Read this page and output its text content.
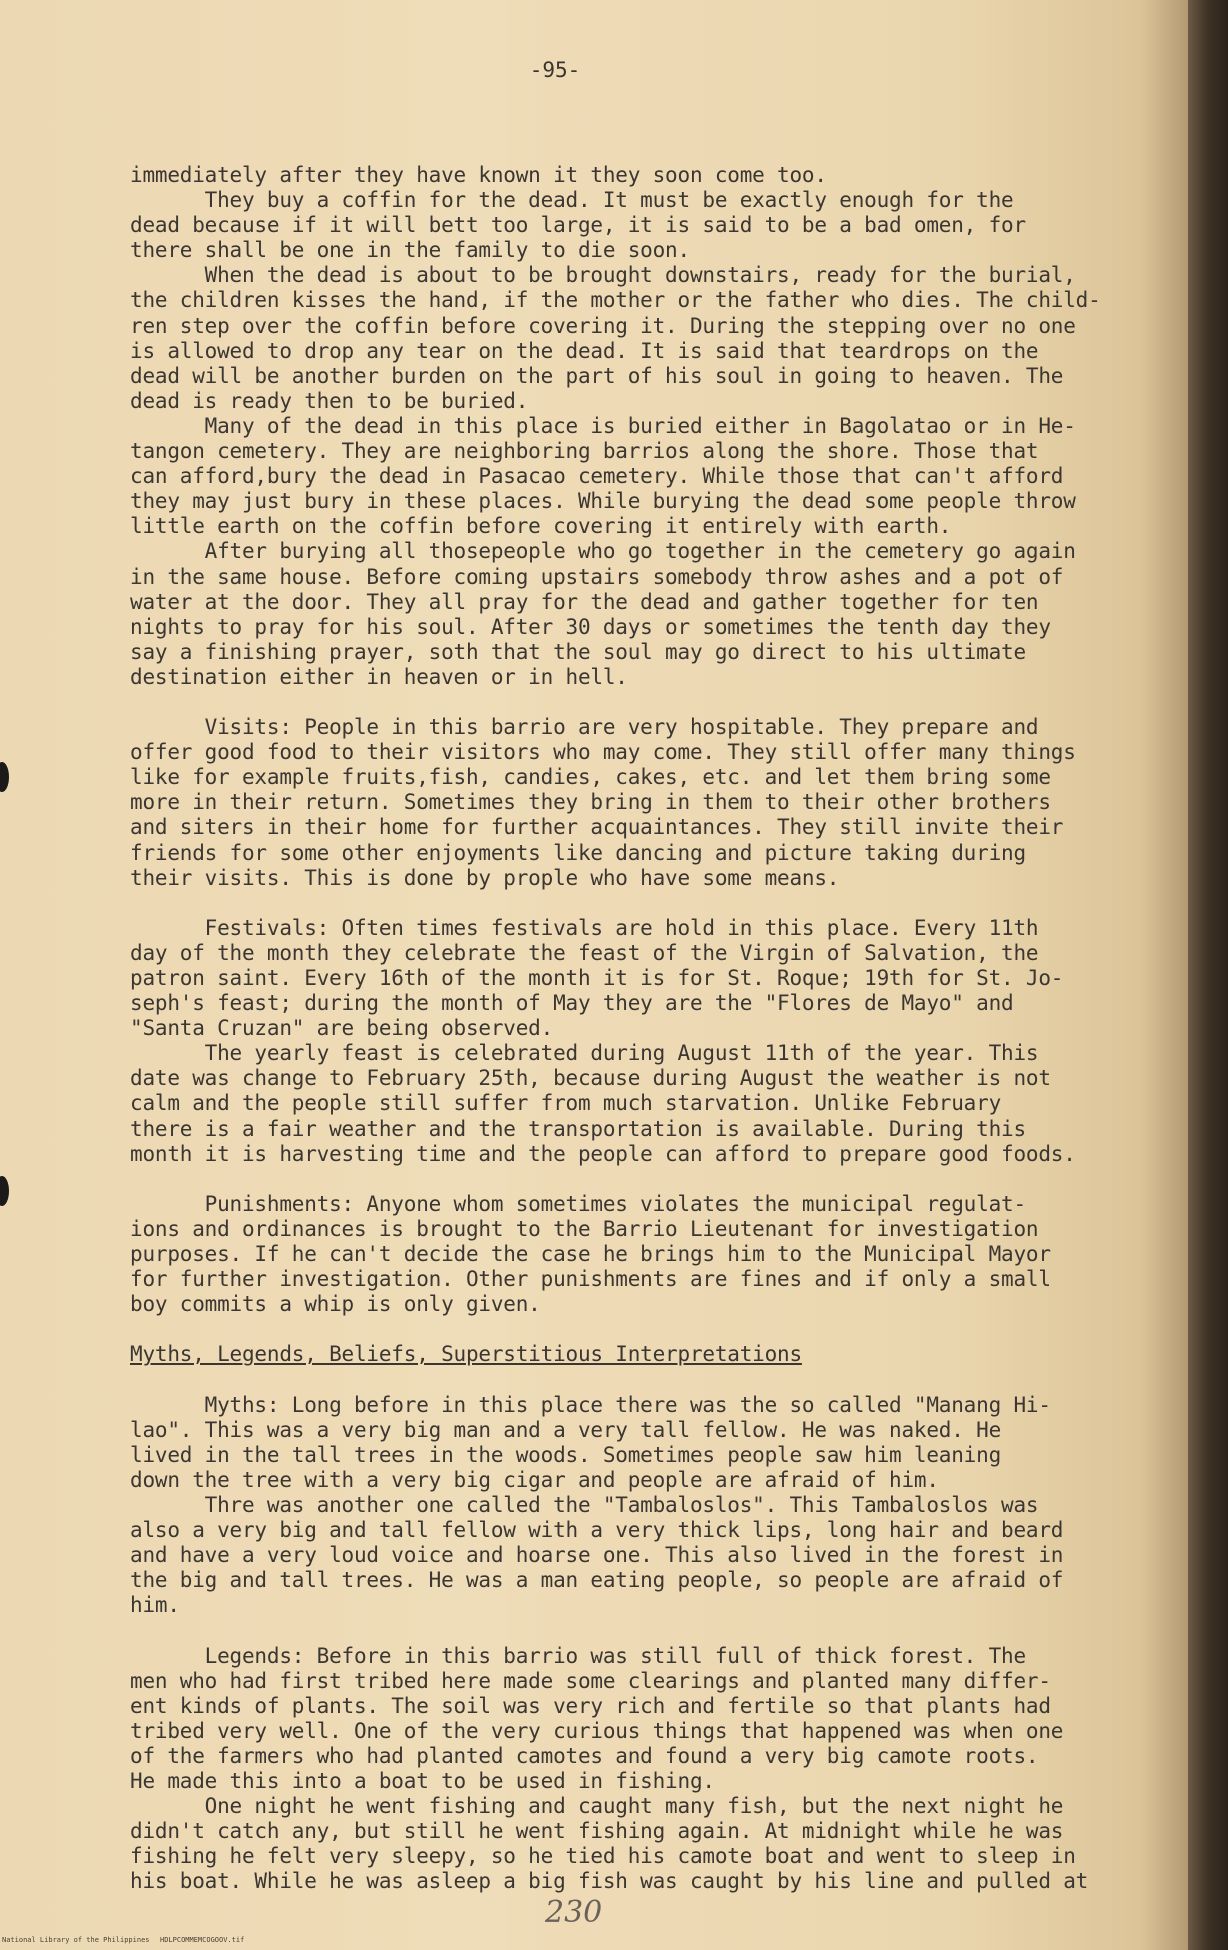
-95-
immediately after they have known it they soon come too.
They buy a coffin for the dead. It must be exactly enough for the
dead because if it will bett too large, it is said to be a bad omen, for
there shall be one in the family to die soon.
When the dead is about to be brought downstairs, ready for the burial,
the children kisses the hand, if the mother or the father who dies. The child-
ren step over the coffin before covering it. During the stepping over no one
is allowed to drop any tear on the dead. It is said that teardrops on the
dead will be another burden on the part of his soul in going to heaven. The
dead is ready then to be buried.
Many of the dead in this place is buried either in Bagolatao or in He-
tangon cemetery. They are neighboring barrios along the shore. Those that
can afford,bury the dead in Pasacao cemetery. While those that can't afford
they may just bury in these places. While burying the dead some people throw
little earth on the coffin before covering it entirely with earth.
After burying all thosepeople who go together in the cemetery go again
in the same house. Before coming upstairs somebody throw ashes and a pot of
water at the door. They all pray for the dead and gather together for ten
nights to pray for his soul. After 30 days or sometimes the tenth day they
say a finishing prayer, soth that the soul may go direct to his ultimate
destination either in heaven or in hell.
Visits: People in this barrio are very hospitable. They prepare and
offer good food to their visitors who may come. They still offer many things
like for example fruits,fish, candies, cakes, etc. and let them bring some
more in their return. Sometimes they bring in them to their other brothers
and siters in their home for further acquaintances. They still invite their
friends for some other enjoyments like dancing and picture taking during
their visits. This is done by prople who have some means.
Festivals: Often times festivals are hold in this place. Every 11th
day of the month they celebrate the feast of the Virgin of Salvation, the
patron saint. Every 16th of the month it is for St. Roque; 19th for St. Jo-
seph's feast; during the month of May they are the "Flores de Mayo" and
"Santa Cruzan" are being observed.
The yearly feast is celebrated during August 11th of the year. This
date was change to February 25th, because during August the weather is not
calm and the people still suffer from much starvation. Unlike February
there is a fair weather and the transportation is available. During this
month it is harvesting time and the people can afford to prepare good foods.
Punishments: Anyone whom sometimes violates the municipal regulat-
ions and ordinances is brought to the Barrio Lieutenant for investigation
purposes. If he can't decide the case he brings him to the Municipal Mayor
for further investigation. Other punishments are fines and if only a small
boy commits a whip is only given.
Myths, Legends, Beliefs, Superstitious Interpretations
Myths: Long before in this place there was the so called "Manang Hi-
lao". This was a very big man and a very tall fellow. He was naked. He
lived in the tall trees in the woods. Sometimes people saw him leaning
down the tree with a very big cigar and people are afraid of him.
Thre was another one called the "Tambaloslos". This Tambaloslos was
also a very big and tall fellow with a very thick lips, long hair and beard
and have a very loud voice and hoarse one. This also lived in the forest in
the big and tall trees. He was a man eating people, so people are afraid of
him.
Legends: Before in this barrio was still full of thick forest. The
men who had first tribed here made some clearings and planted many differ-
ent kinds of plants. The soil was very rich and fertile so that plants had
tribed very well. One of the very curious things that happened was when one
of the farmers who had planted camotes and found a very big camote roots.
He made this into a boat to be used in fishing.
One night he went fishing and caught many fish, but the next night he
didn't catch any, but still he went fishing again. At midnight while he was
fishing he felt very sleepy, so he tied his camote boat and went to sleep in
his boat. While he was asleep a big fish was caught by his line and pulled at
230
National Library of the Philippines HDLPCOMMEMCOGOOV.tif
